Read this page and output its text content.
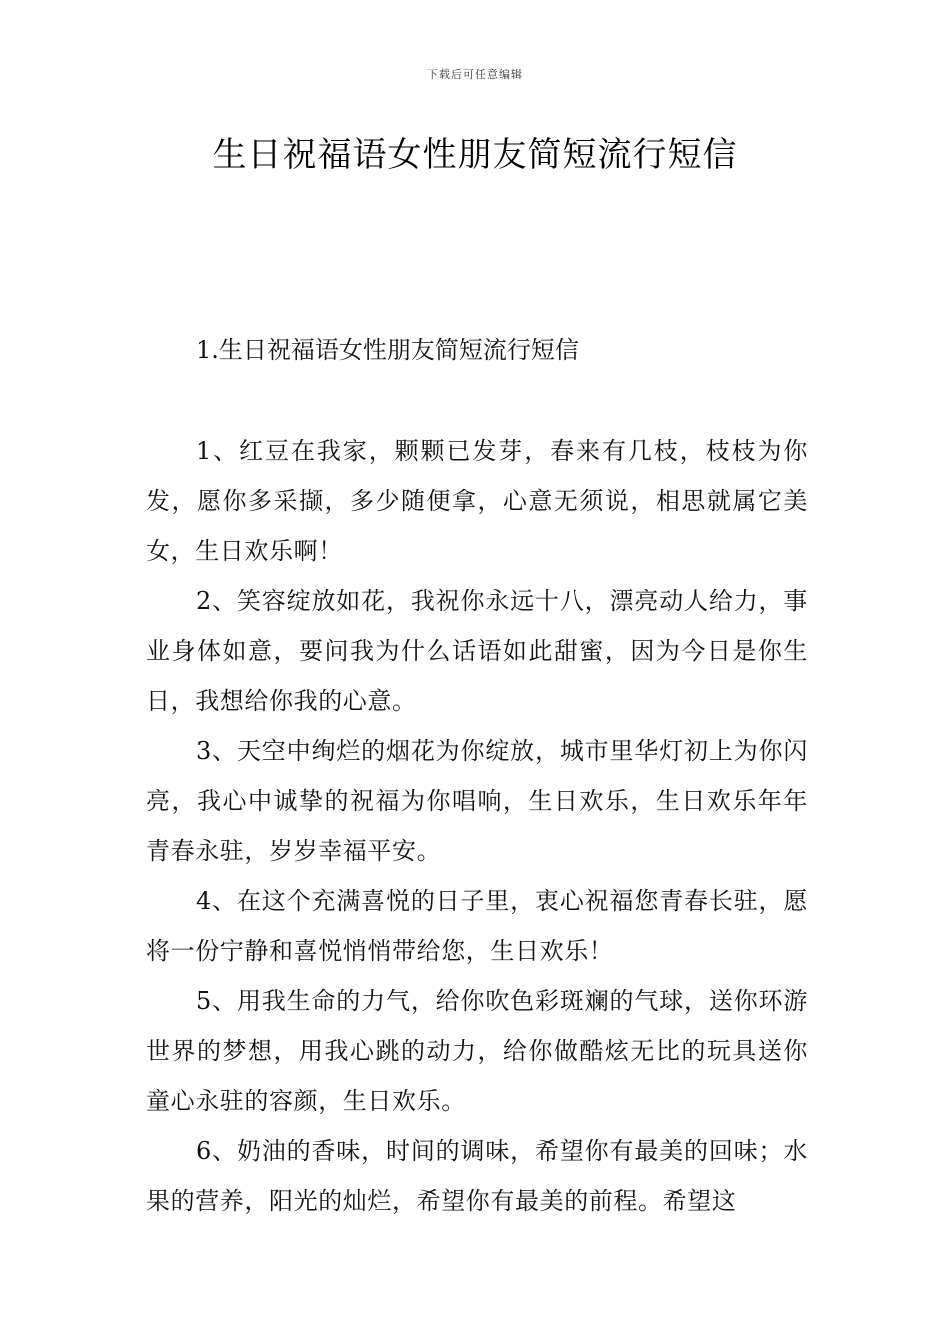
下载后可任意编辑
生日祝福语女性朋友简短流行短信
1.生日祝福语女性朋友简短流行短信

1、红豆在我家，颗颗已发芽，春来有几枝，枝枝为你发，愿你多采撷，多少随便拿，心意无须说，相思就属它美女，生日欢乐啊！

2、笑容绽放如花，我祝你永远十八，漂亮动人给力，事业身体如意，要问我为什么话语如此甜蜜，因为今日是你生日，我想给你我的心意。

3、天空中绚烂的烟花为你绽放，城市里华灯初上为你闪亮，我心中诚挚的祝福为你唱响，生日欢乐，生日欢乐年年青春永驻，岁岁幸福平安。

4、在这个充满喜悦的日子里，衷心祝福您青春长驻，愿将一份宁静和喜悦悄悄带给您，生日欢乐！

5、用我生命的力气，给你吹色彩斑斓的气球，送你环游世界的梦想，用我心跳的动力，给你做酷炫无比的玩具送你童心永驻的容颜，生日欢乐。

6、奶油的香味，时间的调味，希望你有最美的回味；水果的营养，阳光的灿烂，希望你有最美的前程。希望这
